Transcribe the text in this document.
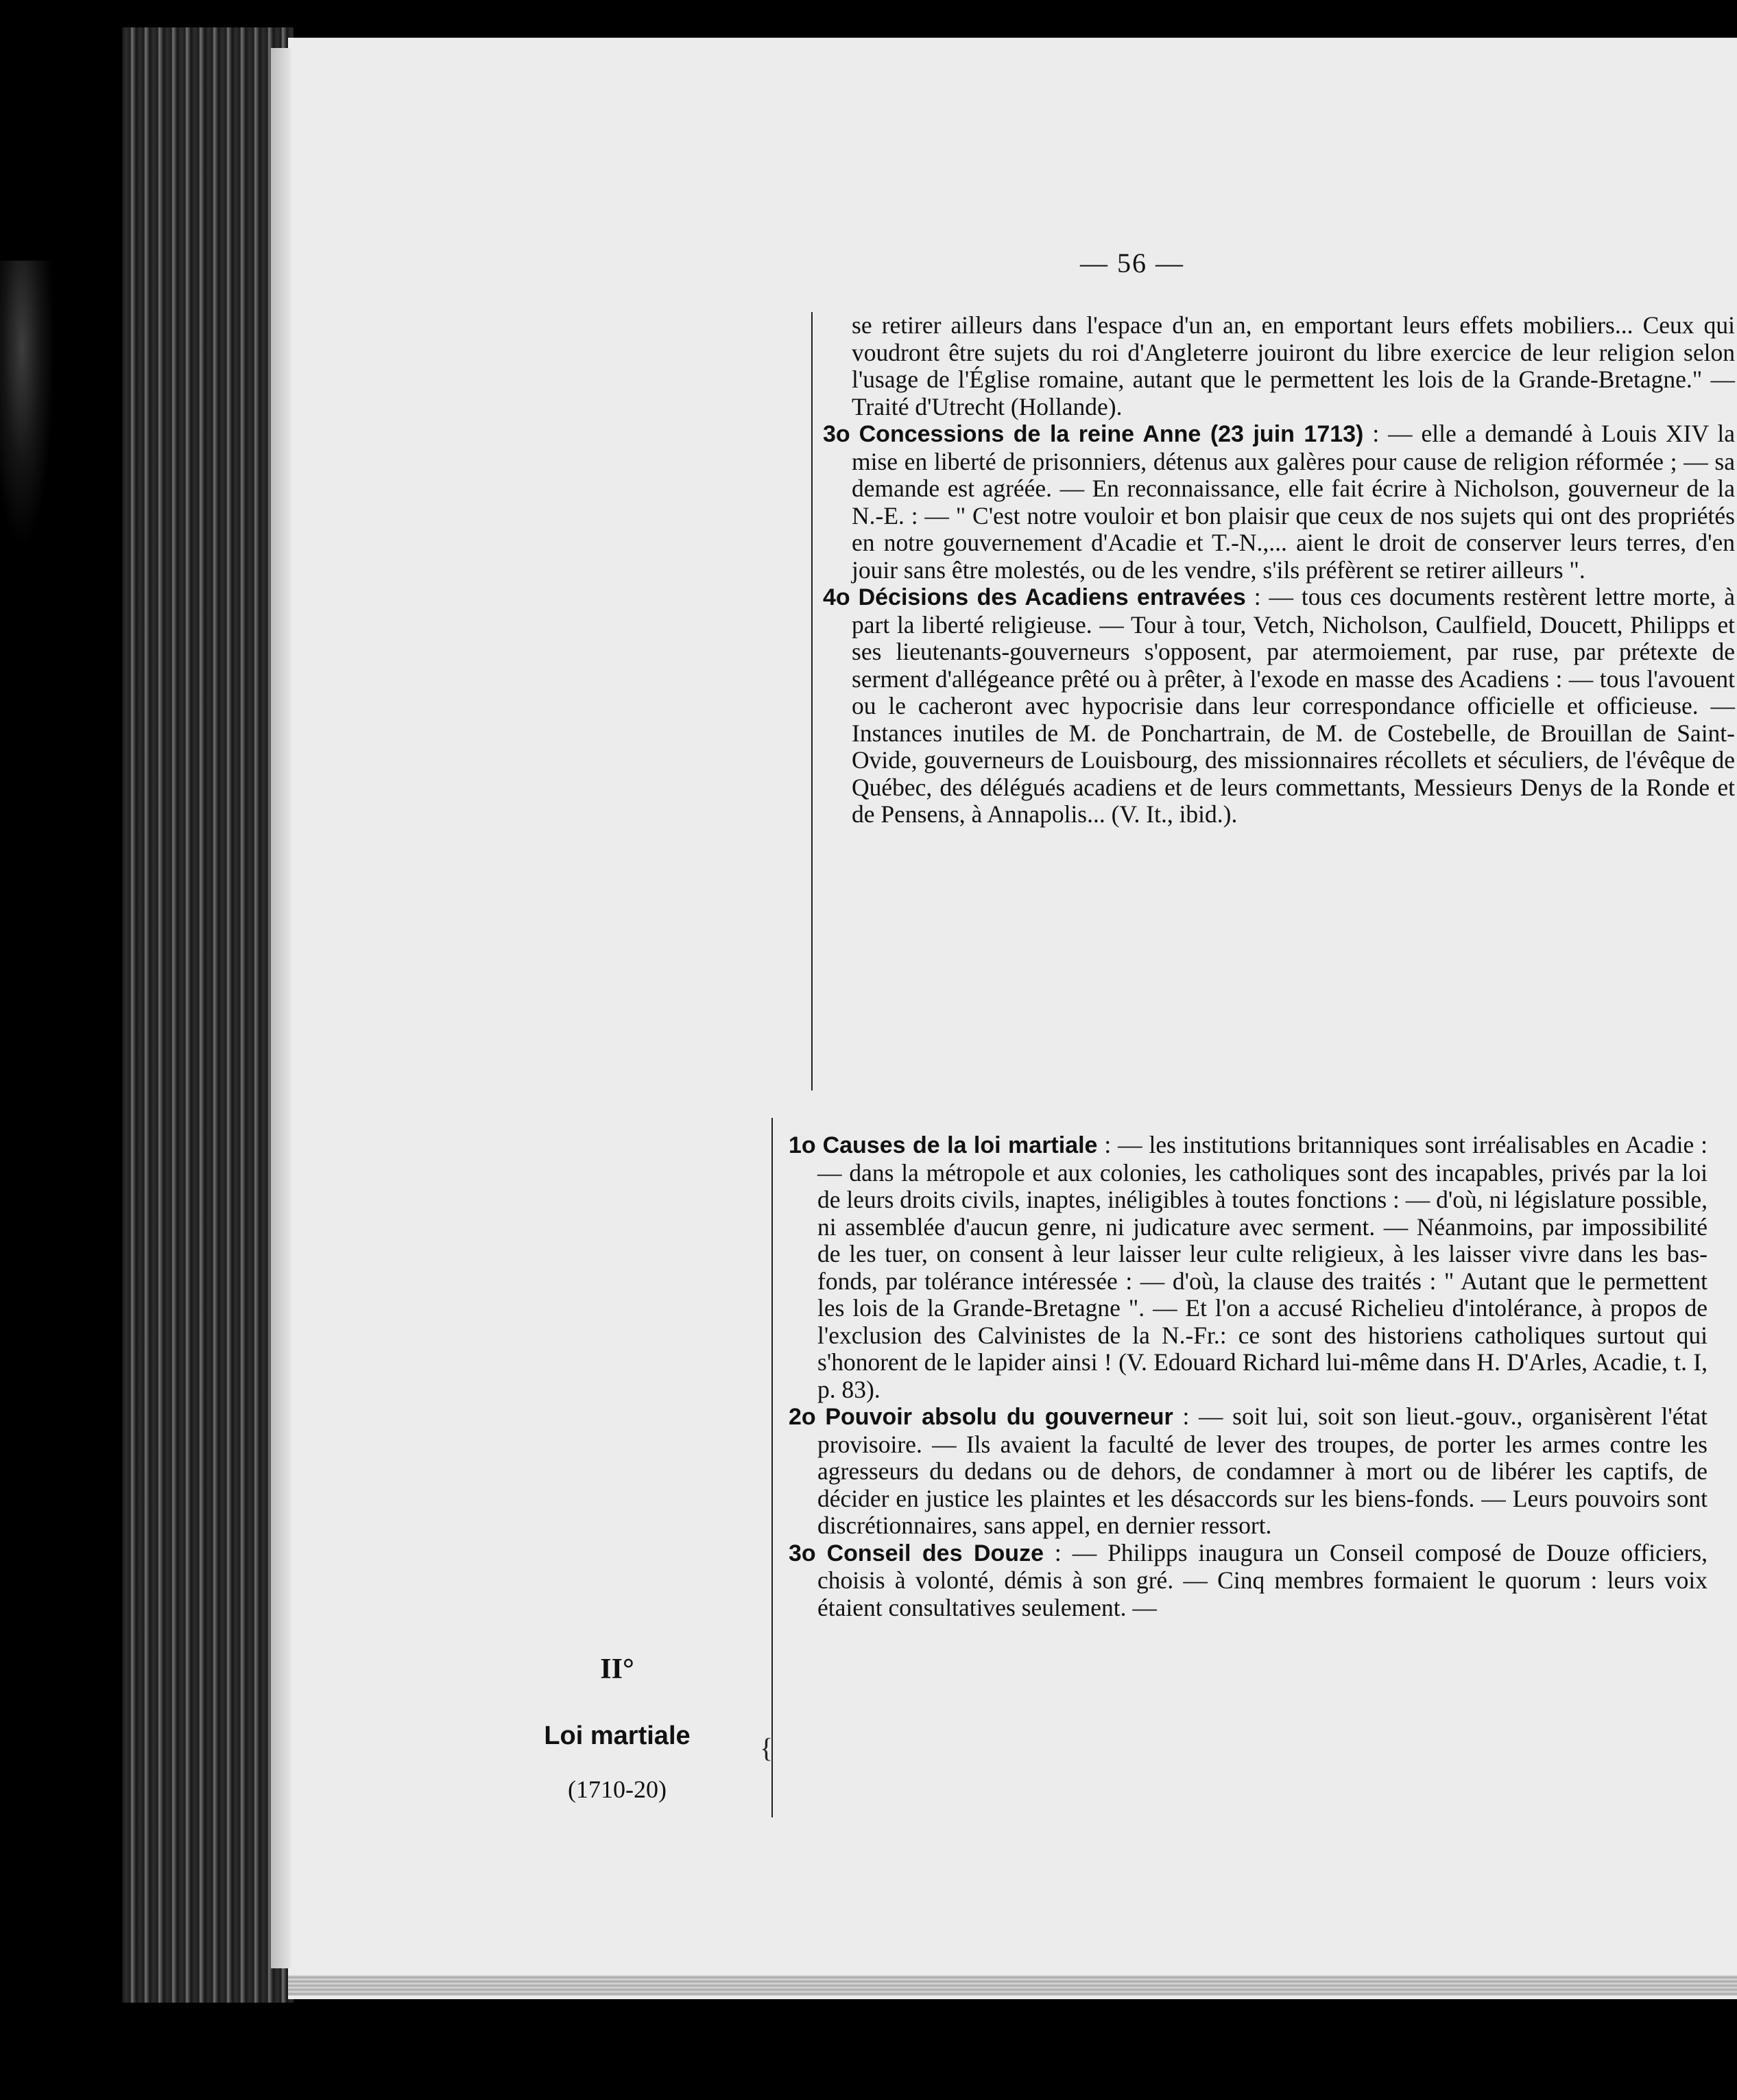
— 56 —

se retirer ailleurs dans l'espace d'un an, en emportant leurs effets mobiliers... Ceux qui voudront être sujets du roi d'Angleterre jouiront du libre exercice de leur religion selon l'usage de l'Église romaine, autant que le permettent les lois de la Grande-Bretagne." — Traité d'Utrecht (Hollande).

3o Concessions de la reine Anne (23 juin 1713) : — elle a demandé à Louis XIV la mise en liberté de prisonniers, détenus aux galères pour cause de religion réformée ; — sa demande est agréée. — En reconnaissance, elle fait écrire à Nicholson, gouverneur de la N.-E. : — " C'est notre vouloir et bon plaisir que ceux de nos sujets qui ont des propriétés en notre gouvernement d'Acadie et T.-N.,... aient le droit de conserver leurs terres, d'en jouir sans être molestés, ou de les vendre, s'ils préfèrent se retirer ailleurs ".

4o Décisions des Acadiens entravées : — tous ces documents restèrent lettre morte, à part la liberté religieuse. — Tour à tour, Vetch, Nicholson, Caulfield, Doucett, Philipps et ses lieutenants-gouverneurs s'opposent, par atermoiement, par ruse, par prétexte de serment d'allégeance prêté ou à prêter, à l'exode en masse des Acadiens : — tous l'avouent ou le cacheront avec hypocrisie dans leur correspondance officielle et officieuse. — Instances inutiles de M. de Ponchartrain, de M. de Costebelle, de Brouillan de Saint-Ovide, gouverneurs de Louisbourg, des missionnaires récollets et séculiers, de l'évêque de Québec, des délégués acadiens et de leurs commettants, Messieurs Denys de la Ronde et de Pensens, à Annapolis... (V. It., ibid.).

{
II°
Loi martiale
(1710-20)

1o Causes de la loi martiale : — les institutions britanniques sont irréalisables en Acadie : — dans la métropole et aux colonies, les catholiques sont des incapables, privés par la loi de leurs droits civils, inaptes, inéligibles à toutes fonctions : — d'où, ni législature possible, ni assemblée d'aucun genre, ni judicature avec serment. — Néanmoins, par impossibilité de les tuer, on consent à leur laisser leur culte religieux, à les laisser vivre dans les bas-fonds, par tolérance intéressée : — d'où, la clause des traités : " Autant que le permettent les lois de la Grande-Bretagne ". — Et l'on a accusé Richelieu d'intolérance, à propos de l'exclusion des Calvinistes de la N.-Fr.: ce sont des historiens catholiques surtout qui s'honorent de le lapider ainsi ! (V. Edouard Richard lui-même dans H. D'Arles, Acadie, t. I, p. 83).

2o Pouvoir absolu du gouverneur : — soit lui, soit son lieut.-gouv., organisèrent l'état provisoire. — Ils avaient la faculté de lever des troupes, de porter les armes contre les agresseurs du dedans ou de dehors, de condamner à mort ou de libérer les captifs, de décider en justice les plaintes et les désaccords sur les biens-fonds. — Leurs pouvoirs sont discrétionnaires, sans appel, en dernier ressort.

3o Conseil des Douze : — Philipps inaugura un Conseil composé de Douze officiers, choisis à volonté, démis à son gré. — Cinq membres formaient le quorum : leurs voix étaient consultatives seulement. —
